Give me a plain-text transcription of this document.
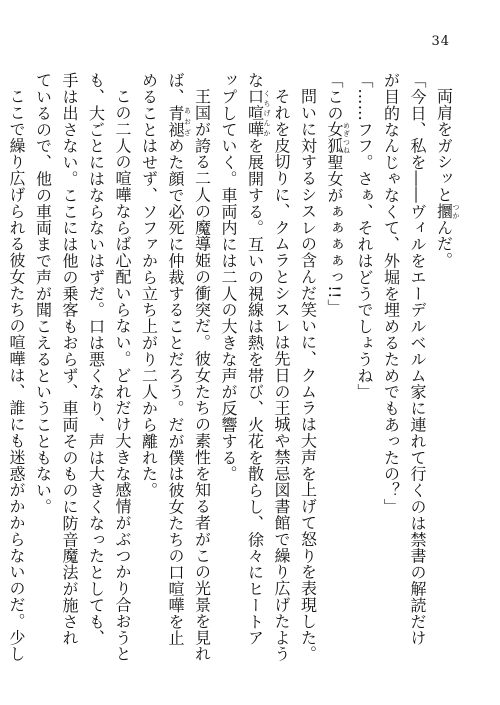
34

両肩をガシッと攌つかんだ。

「今日、私を――ヴィルをエーデルベルム家に連れて行くのは禁書の解読だけが目的なんじゃなくて、外堀を埋めるためでもあったの？」

「……フフ。さぁ、それはどうでしょうね」

「この女狐めぎつね聖女がぁぁぁぁっ!!」

問いに対するシスレの含んだ笑いに、クムラは大声を上げて怒りを表現した。

それを皮切りに、クムラとシスレは先日の王城や禁忌図書館で繰り広げたような口喧嘩くちげんかを展開する。互いの視線は熱を帯び、火花を散らし、徐々にヒートアップしていく。車両内には二人の大きな声が反響する。

王国が誇る二人の魔導姫の衝突だ。彼女たちの素性を知る者がこの光景を見れば、青褪あおざめた顔で必死に仲裁することだろう。だが僕は彼女たちの口喧嘩を止めることはせず、ソファから立ち上がり二人から離れた。

この二人の喧嘩ならば心配いらない。どれだけ大きな感情がぶつかり合おうとも、大ごとにはならないはずだ。口は悪くなり、声は大きくなったとしても、手は出さない。ここには他の乗客もおらず、車両そのものに防音魔法が施されているので、他の車両まで声が聞こえるということもない。

ここで繰り広げられる彼女たちの喧嘩は、誰にも迷惑がかからないのだ。少し
